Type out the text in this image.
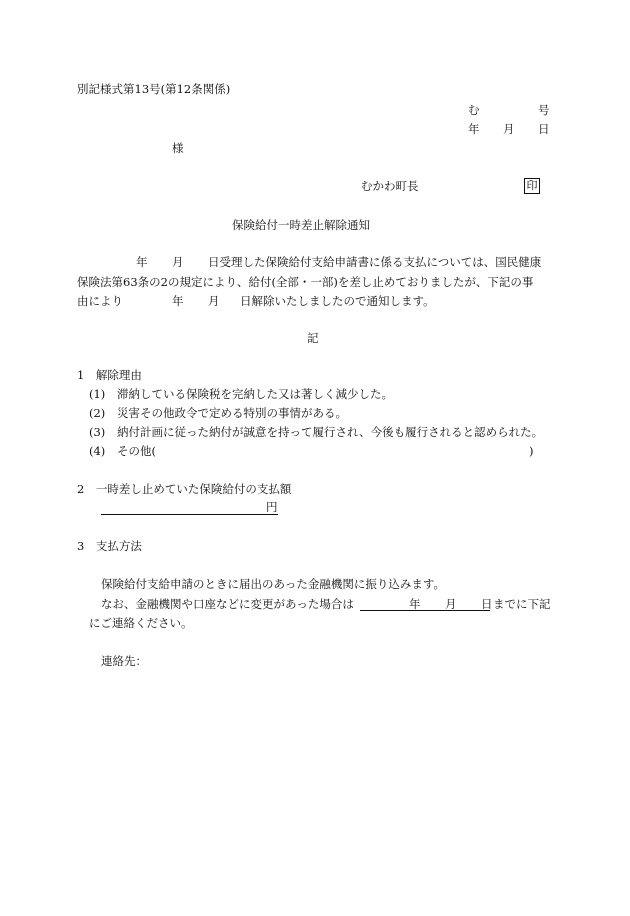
別記様式第13号(第12条関係)
む	号
年 月 日
様
むかわ町長	印
保険給付一時差止解除通知
年 月 日受理した保険給付支給申請書に係る支払については、国民健康
保険法第63条の2の規定により、給付(全部・一部)を差し止めておりましたが、下記の事
由により	年 月 日解除いたしましたので通知します。
記
1　解除理由
(1) 滞納している保険税を完納した又は著しく減少した。
(2) 災害その他政令で定める特別の事情がある。
(3) 納付計画に従った納付が誠意を持って履行され、今後も履行されると認められた。
(4) その他(	)
2　一時差し止めていた保険給付の支払額
円
3　支払方法
保険給付支給申請のときに届出のあった金融機関に振り込みます。
なお、金融機関や口座などに変更があった場合は	年 月 日 までに下記
にご連絡ください。
連絡先：
